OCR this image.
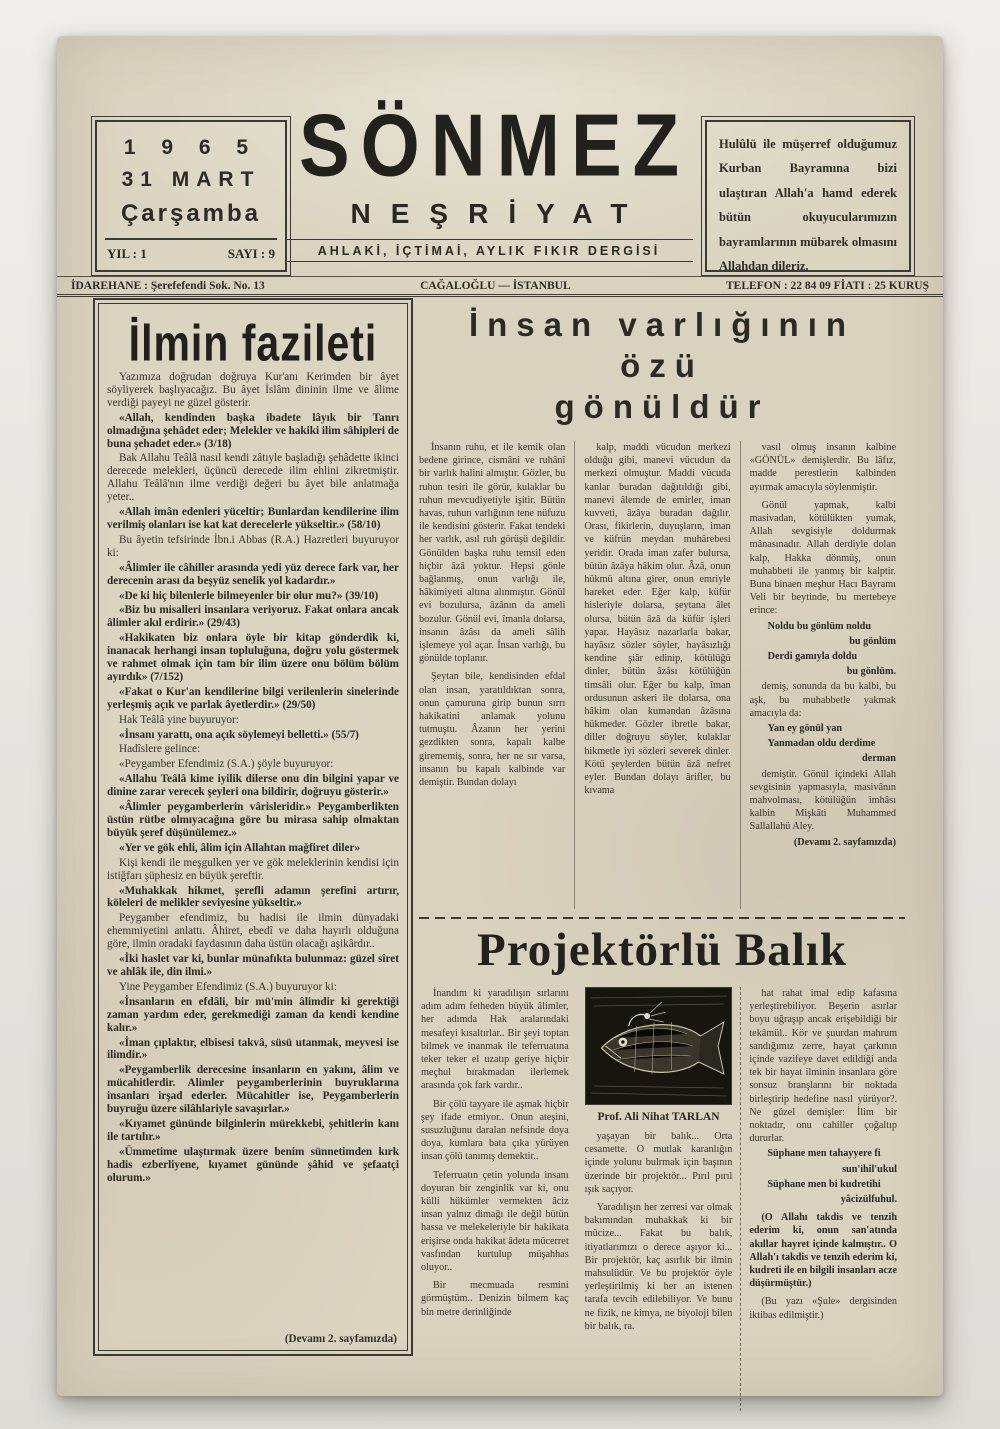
1 9 6 5
31 MART
Çarşamba
YIL : 1	SAYI : 9
SÖNMEZ
NEŞRİYAT
AHLAKİ, İÇTİMAİ, AYLIK FIKIR DERGİSİ

Hulûlü ile müşerref olduğumuz Kurban Bayramına bizi ulaştıran Allah'a hamd ederek bütün okuyucularımızın bayramlarının mübarek olmasını Allahdan dileriz.

İDAREHANE : Şerefefendi Sok. No. 13	CAĞALOĞLU — İSTANBUL	TELEFON : 22 84 09 FİATI : 25 KURUŞ
İlmin fazileti

Yazımıza doğrudan doğruya Kur'anı Kerimden bir âyet söyliyerek başlıyacağız. Bu âyet İslâm dininin ilme ve âlime verdiği payeyi ne güzel gösterir.

«Allah, kendinden başka ibadete lâyık bir Tanrı olmadığına şehâdet eder; Melekler ve hakiki ilim sâhipleri de buna şehadet eder.» (3/18)

Bak Allahu Teâlâ nasıl kendi zâtıyle başladığı şehâdette ikinci derecede melekleri, üçüncü derecede ilim ehlini zikretmiştir. Allahu Teâlâ'nın ilme verdiği değeri bu âyet bile anlatmağa yeter..

«Allah imân edenleri yüceltir; Bunlardan kendilerine ilim verilmiş olanları ise kat kat derecelerle yükseltir.» (58/10)

Bu âyetin tefsirinde İbn.i Abbas (R.A.) Hazretleri buyuruyor ki:

«Âlimler ile câhiller arasında yedi yüz derece fark var, her derecenin arası da beşyüz senelik yol kadardır.»

«De ki hiç bilenlerle bilmeyenler bir olur mu?» (39/10)

«Biz bu misalleri insanlara veriyoruz. Fakat onlara ancak âlimler akıl erdirir.» (29/43)

«Hakikaten biz onlara öyle bir kitap gönderdik ki, inanacak herhangi insan topluluğuna, doğru yolu göstermek ve rahmet olmak için tam bir ilim üzere onu bölüm bölüm ayırdık» (7/152)

«Fakat o Kur'an kendilerine bilgi verilenlerin sinelerinde yerleşmiş açık ve parlak âyetlerdir.» (29/50)

Hak Teâlâ yine buyuruyor:

«İnsanı yarattı, ona açık söylemeyi belletti.» (55/7)

Hadîslere gelince:

«Peygamber Efendimiz (S.A.) şöyle buyuruyor:

«Allahu Teâlâ kime iyilik dilerse onu din bilgini yapar ve dinine zarar verecek şeyleri ona bildirir, doğruyu gösterir.»

«Âlimler peygamberlerin vârisleridir.» Peygamberlikten üstün rütbe olmıyacağına göre bu mirasa sahip olmaktan büyük şeref düşünülemez.»

«Yer ve gök ehli, âlim için Allahtan mağfiret diler»

Kişi kendi ile meşgulken yer ve gök meleklerinin kendisi için istiğfarı şüphesiz en büyük şereftir.

«Muhakkak hikmet, şerefli adamın şerefini artırır, köleleri de melikler seviyesine yükseltir.»

Peygamber efendimiz, bu hadisi ile ilmin dünyadaki ehemmiyetini anlattı. Âhiret, ebedî ve daha hayırlı olduğuna göre, ilmin oradaki faydasının daha üstün olacağı aşikârdır..

«İki haslet var ki, bunlar münafıkta bulunmaz: güzel sîret ve ahlâk ile, din ilmi.»

Yine Peygamber Efendimiz (S.A.) buyuruyor ki:

«İnsanların en efdâli, bir mü'min âlimdir ki gerektiği zaman yardım eder, gerekmediği zaman da kendi kendine kalır.»

«İman çıplaktır, elbisesi takvâ, süsü utanmak, meyvesi ise ilimdir.»

«Peygamberlik derecesine insanların en yakını, âlim ve mücahitlerdir. Alimler peygamberlerinin buyruklarına insanları irşad ederler. Mücahitler ise, Peygamberlerin buyruğu üzere silâhlariyle savaşırlar.»

«Kıyamet gününde bilginlerin mürekkebi, şehitlerin kanı ile tartılır.»

«Ümmetime ulaştırmak üzere benim sünnetimden kırk hadis ezberliyene, kıyamet gününde şâhid ve şefaatçi olurum.»

(Devamı 2. sayfamızda)
İnsan varlığının özü
gönüldür

İnsanın ruhu, et ile kemik olan bedene girince, cismâni ve ruhânî bir varlık halini almıştır. Gözler, bu ruhun tesiri ile görür, kulaklar bu ruhun mevcudiyetiyle işitir. Bütün havas, ruhun varlığının tene nüfuzu ile kendisini gösterir. Fakat tendeki her varlık, asıl ruh görüşü değildir. Gönülden başka ruhu temsil eden hiçbir âzâ yoktur. Hepsi gönle bağlanmış, onun varlığı ile, hâkimiyeti altına alınmıştır. Gönül evi bozulursa, âzânın da ameli bozulur. Gönül evi, îmanla dolarsa, insanın âzâsı da ameli sâlih işlemeye yol açar. İnsan varlığı, bu gönülde toplanır.

Şeytan bile, kendisinden efdal olan insan, yaratıldıktan sonra, onun çamuruna girip bunun sırrı hakikatini anlamak yolunu tutmuştu. Âzanın her yerini gezdikten sonra, kapalı kalbe girememiş, sonra, her ne sır varsa, insanın bu kapalı kalbinde var demiştir. Bundan dolayı

kalp, maddi vücudun merkezi olduğu gibi, manevi vücudun da merkezi olmuştur. Maddi vücuda kanlar buradan dağıtıldığı gibi, manevi âlemde de emirler, iman kuvveti, âzâya buradan dağılır. Orası, fikirlerin, duyuşların, iman ve küfrün meydan muhârebesi yeridir. Orada iman zafer bulursa, bütün âzâya hâkim olur. Âzâ, onun hükmü altına girer, onun emriyle hareket eder. Eğer kalp, küfür hisleriyle dolarsa, şeytana âlet olursa, bütün âzâ da küfür işleri yapar. Hayâsız nazarlarla bakar, hayâsız sözler söyler, hayâsızlığı kendine şiâr edinip, kötülüğü dinler, bütün âzâsı kötülüğün timsâli olur. Eğer bu kalp, îman ordusunun askeri ile dolarsa, ona hâkim olan kumandan âzâsına hükmeder. Gözler ibretle bakar, diller doğruyu söyler, kulaklar hikmetle iyi sözleri severek dinler. Kötü şeylerden bütün âzâ nefret eyler. Bundan dolayı ârifler, bu kıvama

vasıl olmuş insanın kalbine «GÖNÜL» demişlerdir. Bu lâfız, madde perestlerin kalbinden ayırmak amacıyla söylenmiştir.

Gönül yapmak, kalbi masivadan, kötülükten yumak, Allah sevgisiyle doldurmak mânasınadır. Allah derdiyle dolan kalp, Hakka dönmüş, onun muhabbeti ile yanmış bir kalptir. Buna binaen meşhur Hacı Bayramı Veli bir beytinde, bu mertebeye erince:

Noldu bu gönlüm noldu

bu gönlüm

Derdi gamıyla doldu

bu gönlüm.

demiş, sonunda da bu kalbi, bu aşk, bu muhabbetle yakmak amacıyla da:

Yan ey gönül yan

Yanmadan oldu derdime

derman

demiştir. Gönül içindeki Allah sevgisinin yapmasıyla, masivânın mahvolması, kötülüğün imhâsı kalbin Mişkâti Muhammed Sallallahü Aley.

(Devamı 2. sayfamızda)

Projektörlü Balık

İnandım ki yaradılışın sırlarını adım adım fetheden büyük âlimler, her adımda Hak aralarındaki mesafeyi kısaltırlar.. Bir şeyi toptan bilmek ve inanmak ile teferruatına teker teker el uzatıp geriye hiçbir meçhul bırakmadan ilerlemek arasında çok fark vardır..

Bir çölü tayyare ile aşmak hiçbir şey ifade etmiyor.. Onun ateşini, susuzluğunu daralan nefsinde doya doya, kumlara bata çıka yürüyen insan çölü tanımış demektir..

Teferruatın çetin yolunda insanı doyuran bir zenginlik var ki, onu külli hükümler vermekten âciz insan yalnız dimağı ile değil bütün hassa ve melekeleriyle bir hakikata erişirse onda hakikat âdeta mücerret vasfından kurtulup müşahhas oluyor..

Bir mecmuada resmini görmüştüm.. Denizin bilmem kaç bin metre derinliğinde

Prof. Ali Nihat TARLAN

yaşayan bir balık... Orta cesamette. O mutlak karanlığın içinde yolunu bulrmak için başının üzerinde bir projektör... Pırıl pırıl ışık saçıyor.

Yaradılışın her zerresi var olmak bakımından muhakkak ki bir mûcize... Fakat bu balık, itiyatlarımızı o derece aşıyor ki... Bir projektör, kaç asırlık bir ilmin mahsulüdür. Ve bu projektör öyle yerleştirilmiş ki her an istenen tarafa tevcih edilebiliyor. Ve bunu ne fizik, ne kimya, ne biyoloji bilen bir balık, ra.

hat rahat imal edip kafasına yerleştirebiliyor. Beşerin asırlar boyu uğraşıp ancak erişebildiği bir tekâmül.. Kör ve şuurdan mahrum sandığımız zerre, hayat çarkının içinde vazifeye davet edildiği anda tek bir hayat ilminin insanlara göre sonsuz branşlarını bir noktada birleştirip hedefine nasıl yürüyor?. Ne güzel demişler: İlim bir noktadır, onu cahiller çoğaltıp dururlar.

Süphane men tahayyere fi

sun'ihil'ukul

Süphane men bi kudretihi

yâcizülfuhul.

(O Allahı takdis ve tenzih ederim ki, onun san'atında akıllar hayret içinde kalmıştır.. O Allah'ı takdis ve tenzih ederim ki, kudreti ile en bilgili insanları acze düşürmüştür.)

(Bu yazı «Şule» dergisinden iktibas edilmiştir.)
